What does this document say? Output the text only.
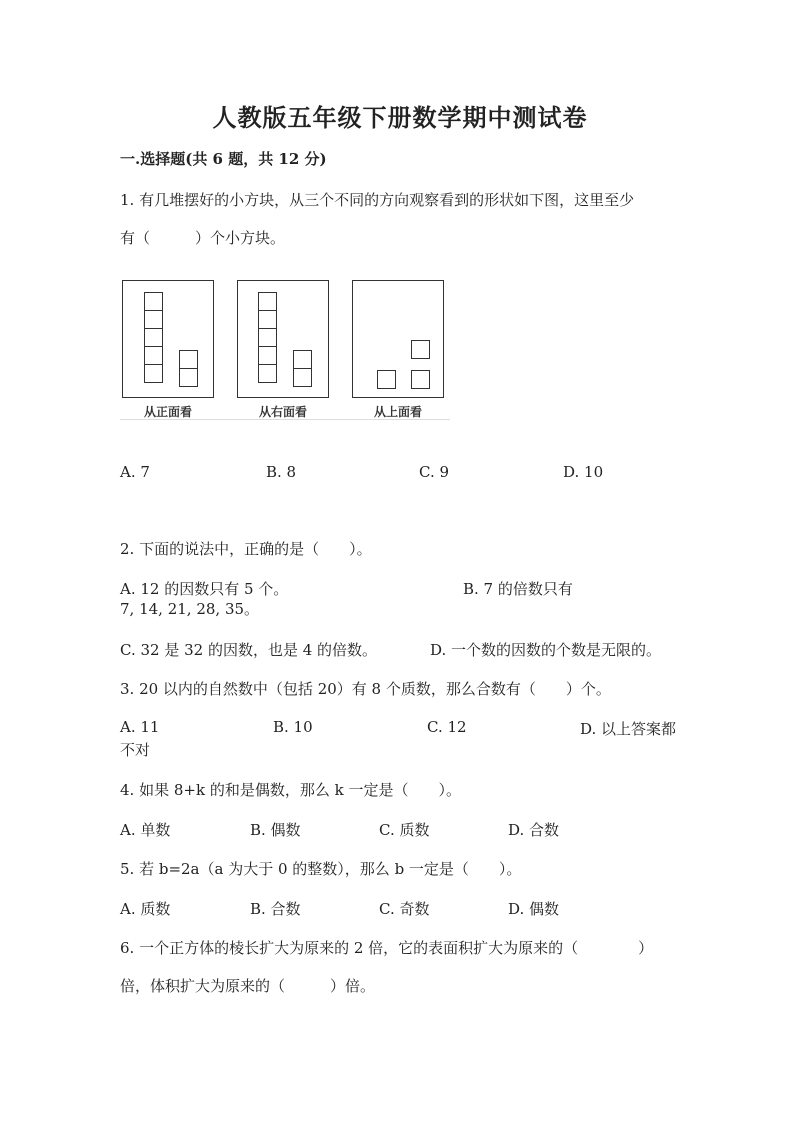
人教版五年级下册数学期中测试卷
一.选择题(共 6 题，共 12 分)
1. 有几堆摆好的小方块，从三个不同的方向观察看到的形状如下图，这里至少
有（　　　）个小方块。
从正面看	从右面看	从上面看
A. 7	B. 8	C. 9	D. 10
2. 下面的说法中，正确的是（　　）。
A. 12 的因数只有 5 个。	B. 7 的倍数只有
7, 14, 21, 28, 35。
C. 32 是 32 的因数，也是 4 的倍数。	D. 一个数的因数的个数是无限的。
3. 20 以内的自然数中（包括 20）有 8 个质数，那么合数有（　　）个。
A. 11	B. 10	C. 12	D. 以上答案都
不对
4. 如果 8+k 的和是偶数，那么 k 一定是（　　）。
A. 单数	B. 偶数	C. 质数	D. 合数
5. 若 b=2a（a 为大于 0 的整数），那么 b 一定是（　　）。
A. 质数	B. 合数	C. 奇数	D. 偶数
6. 一个正方体的棱长扩大为原来的 2 倍，它的表面积扩大为原来的（　　　　）
倍，体积扩大为原来的（　　　）倍。
